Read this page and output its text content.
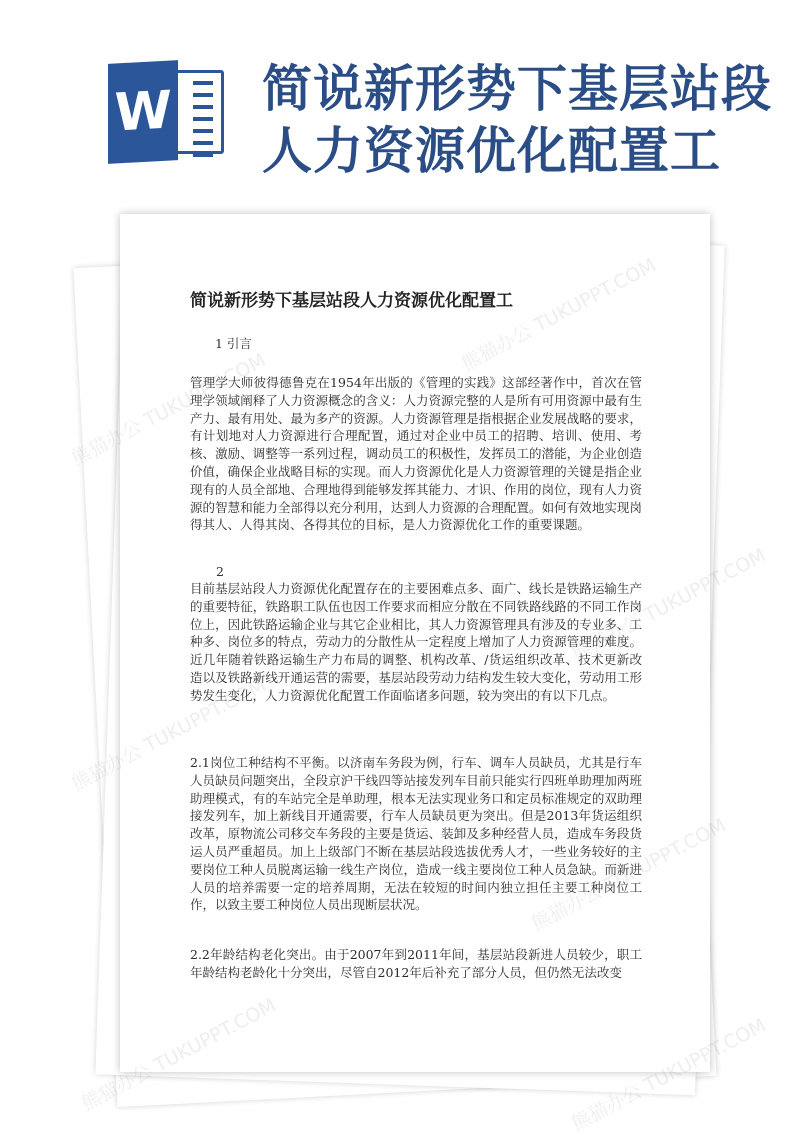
W 简说新形势下基层站段人力资源优化配置工
简说新形势下基层站段人力资源优化配置工
1 引言

管理学大师彼得德鲁克在1954年出版的《管理的实践》这部经著作中，首次在管理学领域阐释了人力资源概念的含义：人力资源完整的人是所有可用资源中最有生产力、最有用处、最为多产的资源。人力资源管理是指根据企业发展战略的要求，有计划地对人力资源进行合理配置，通过对企业中员工的招聘、培训、使用、考核、激励、调整等一系列过程，调动员工的积极性，发挥员工的潜能，为企业创造价值，确保企业战略目标的实现。而人力资源优化是人力资源管理的关键是指企业现有的人员全部地、合理地得到能够发挥其能力、才识、作用的岗位，现有人力资源的智慧和能力全部得以充分利用，达到人力资源的合理配置。如何有效地实现岗得其人、人得其岗、各得其位的目标，是人力资源优化工作的重要课题。

2

目前基层站段人力资源优化配置存在的主要困难点多、面广、线长是铁路运输生产的重要特征，铁路职工队伍也因工作要求而相应分散在不同铁路线路的不同工作岗位上，因此铁路运输企业与其它企业相比，其人力资源管理具有涉及的专业多、工种多、岗位多的特点，劳动力的分散性从一定程度上增加了人力资源管理的难度。近几年随着铁路运输生产力布局的调整、机构改革、/货运组织改革、技术更新改造以及铁路新线开通运营的需要，基层站段劳动力结构发生较大变化，劳动用工形势发生变化，人力资源优化配置工作面临诸多问题，较为突出的有以下几点。

2.1岗位工种结构不平衡。以济南车务段为例，行车、调车人员缺员，尤其是行车人员缺员问题突出，全段京沪干线四等站接发列车目前只能实行四班单助理加两班助理模式，有的车站完全是单助理，根本无法实现业务口和定员标准规定的双助理接发列车，加上新线目开通需要，行车人员缺员更为突出。但是2013年货运组织改革，原物流公司移交车务段的主要是货运、装卸及多种经营人员，造成车务段货运人员严重超员。加上上级部门不断在基层站段选拔优秀人才，一些业务较好的主要岗位工种人员脱离运输一线生产岗位，造成一线主要岗位工种人员急缺。而新进人员的培养需要一定的培养周期，无法在较短的时间内独立担任主要工种岗位工作，以致主要工种岗位人员出现断层状况。

2.2年龄结构老化突出。由于2007年到2011年间，基层站段新进人员较少，职工年龄结构老龄化十分突出，尽管自2012年后补充了部分人员，但仍然无法改变

熊猫办公
